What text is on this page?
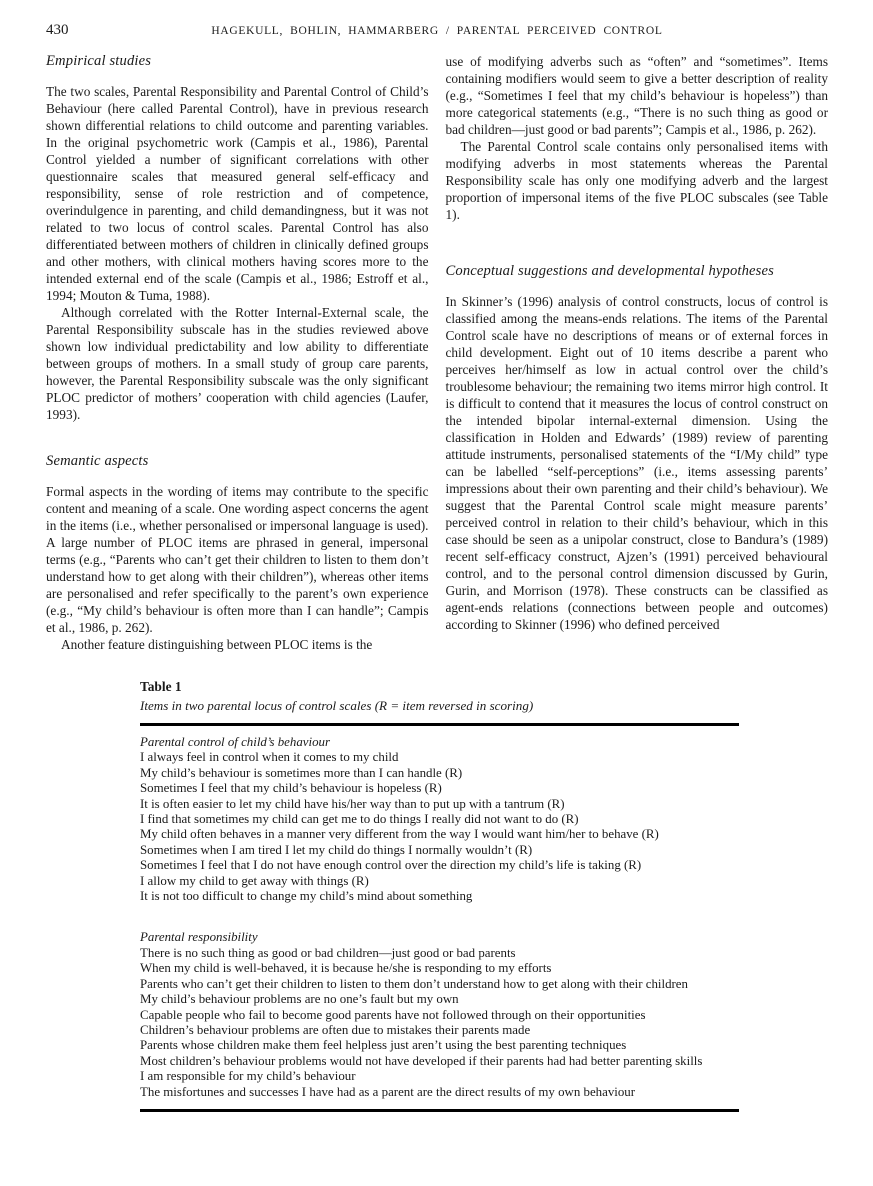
430	HAGEKULL, BOHLIN, HAMMARBERG / PARENTAL PERCEIVED CONTROL
Empirical studies

The two scales, Parental Responsibility and Parental Control of Child’s Behaviour (here called Parental Control), have in previous research shown differential relations to child outcome and parenting variables. In the original psychometric work (Campis et al., 1986), Parental Control yielded a number of significant correlations with other questionnaire scales that measured general self-efficacy and responsibility, sense of role restriction and of competence, overindulgence in parenting, and child demandingness, but it was not related to two locus of control scales. Parental Control has also differentiated between mothers of children in clinically defined groups and other mothers, with clinical mothers having scores more to the intended external end of the scale (Campis et al., 1986; Estroff et al., 1994; Mouton & Tuma, 1988).

Although correlated with the Rotter Internal-External scale, the Parental Responsibility subscale has in the studies reviewed above shown low individual predictability and low ability to differentiate between groups of mothers. In a small study of group care parents, however, the Parental Responsibility subscale was the only significant PLOC predictor of mothers’ cooperation with child agencies (Laufer, 1993).

Semantic aspects

Formal aspects in the wording of items may contribute to the specific content and meaning of a scale. One wording aspect concerns the agent in the items (i.e., whether personalised or impersonal language is used). A large number of PLOC items are phrased in general, impersonal terms (e.g., “Parents who can’t get their children to listen to them don’t understand how to get along with their children”), whereas other items are personalised and refer specifically to the parent’s own experience (e.g., “My child’s behaviour is often more than I can handle”; Campis et al., 1986, p. 262).

Another feature distinguishing between PLOC items is the

use of modifying adverbs such as “often” and “sometimes”. Items containing modifiers would seem to give a better description of reality (e.g., “Sometimes I feel that my child’s behaviour is hopeless”) than more categorical statements (e.g., “There is no such thing as good or bad children—just good or bad parents”; Campis et al., 1986, p. 262).

The Parental Control scale contains only personalised items with modifying adverbs in most statements whereas the Parental Responsibility scale has only one modifying adverb and the largest proportion of impersonal items of the five PLOC subscales (see Table 1).

Conceptual suggestions and developmental hypotheses

In Skinner’s (1996) analysis of control constructs, locus of control is classified among the means-ends relations. The items of the Parental Control scale have no descriptions of means or of external forces in child development. Eight out of 10 items describe a parent who perceives her/himself as low in actual control over the child’s troublesome behaviour; the remaining two items mirror high control. It is difficult to contend that it measures the locus of control construct on the intended bipolar internal-external dimension. Using the classification in Holden and Edwards’ (1989) review of parenting attitude instruments, personalised statements of the “I/My child” type can be labelled “self-perceptions” (i.e., items assessing parents’ impressions about their own parenting and their child’s behaviour). We suggest that the Parental Control scale might measure parents’ perceived control in relation to their child’s behaviour, which in this case should be seen as a unipolar construct, close to Bandura’s (1989) recent self-efficacy construct, Ajzen’s (1991) perceived behavioural control, and to the personal control dimension discussed by Gurin, Gurin, and Morrison (1978). These constructs can be classified as agent-ends relations (connections between people and outcomes) according to Skinner (1996) who defined perceived

Table 1
Items in two parental locus of control scales (R = item reversed in scoring)
Parental control of child’s behaviour
I always feel in control when it comes to my child
My child’s behaviour is sometimes more than I can handle (R)
Sometimes I feel that my child’s behaviour is hopeless (R)
It is often easier to let my child have his/her way than to put up with a tantrum (R)
I find that sometimes my child can get me to do things I really did not want to do (R)
My child often behaves in a manner very different from the way I would want him/her to behave (R)
Sometimes when I am tired I let my child do things I normally wouldn’t (R)
Sometimes I feel that I do not have enough control over the direction my child’s life is taking (R)
I allow my child to get away with things (R)
It is not too difficult to change my child’s mind about something
Parental responsibility
There is no such thing as good or bad children—just good or bad parents
When my child is well-behaved, it is because he/she is responding to my efforts
Parents who can’t get their children to listen to them don’t understand how to get along with their children
My child’s behaviour problems are no one’s fault but my own
Capable people who fail to become good parents have not followed through on their opportunities
Children’s behaviour problems are often due to mistakes their parents made
Parents whose children make them feel helpless just aren’t using the best parenting techniques
Most children’s behaviour problems would not have developed if their parents had had better parenting skills
I am responsible for my child’s behaviour
The misfortunes and successes I have had as a parent are the direct results of my own behaviour
